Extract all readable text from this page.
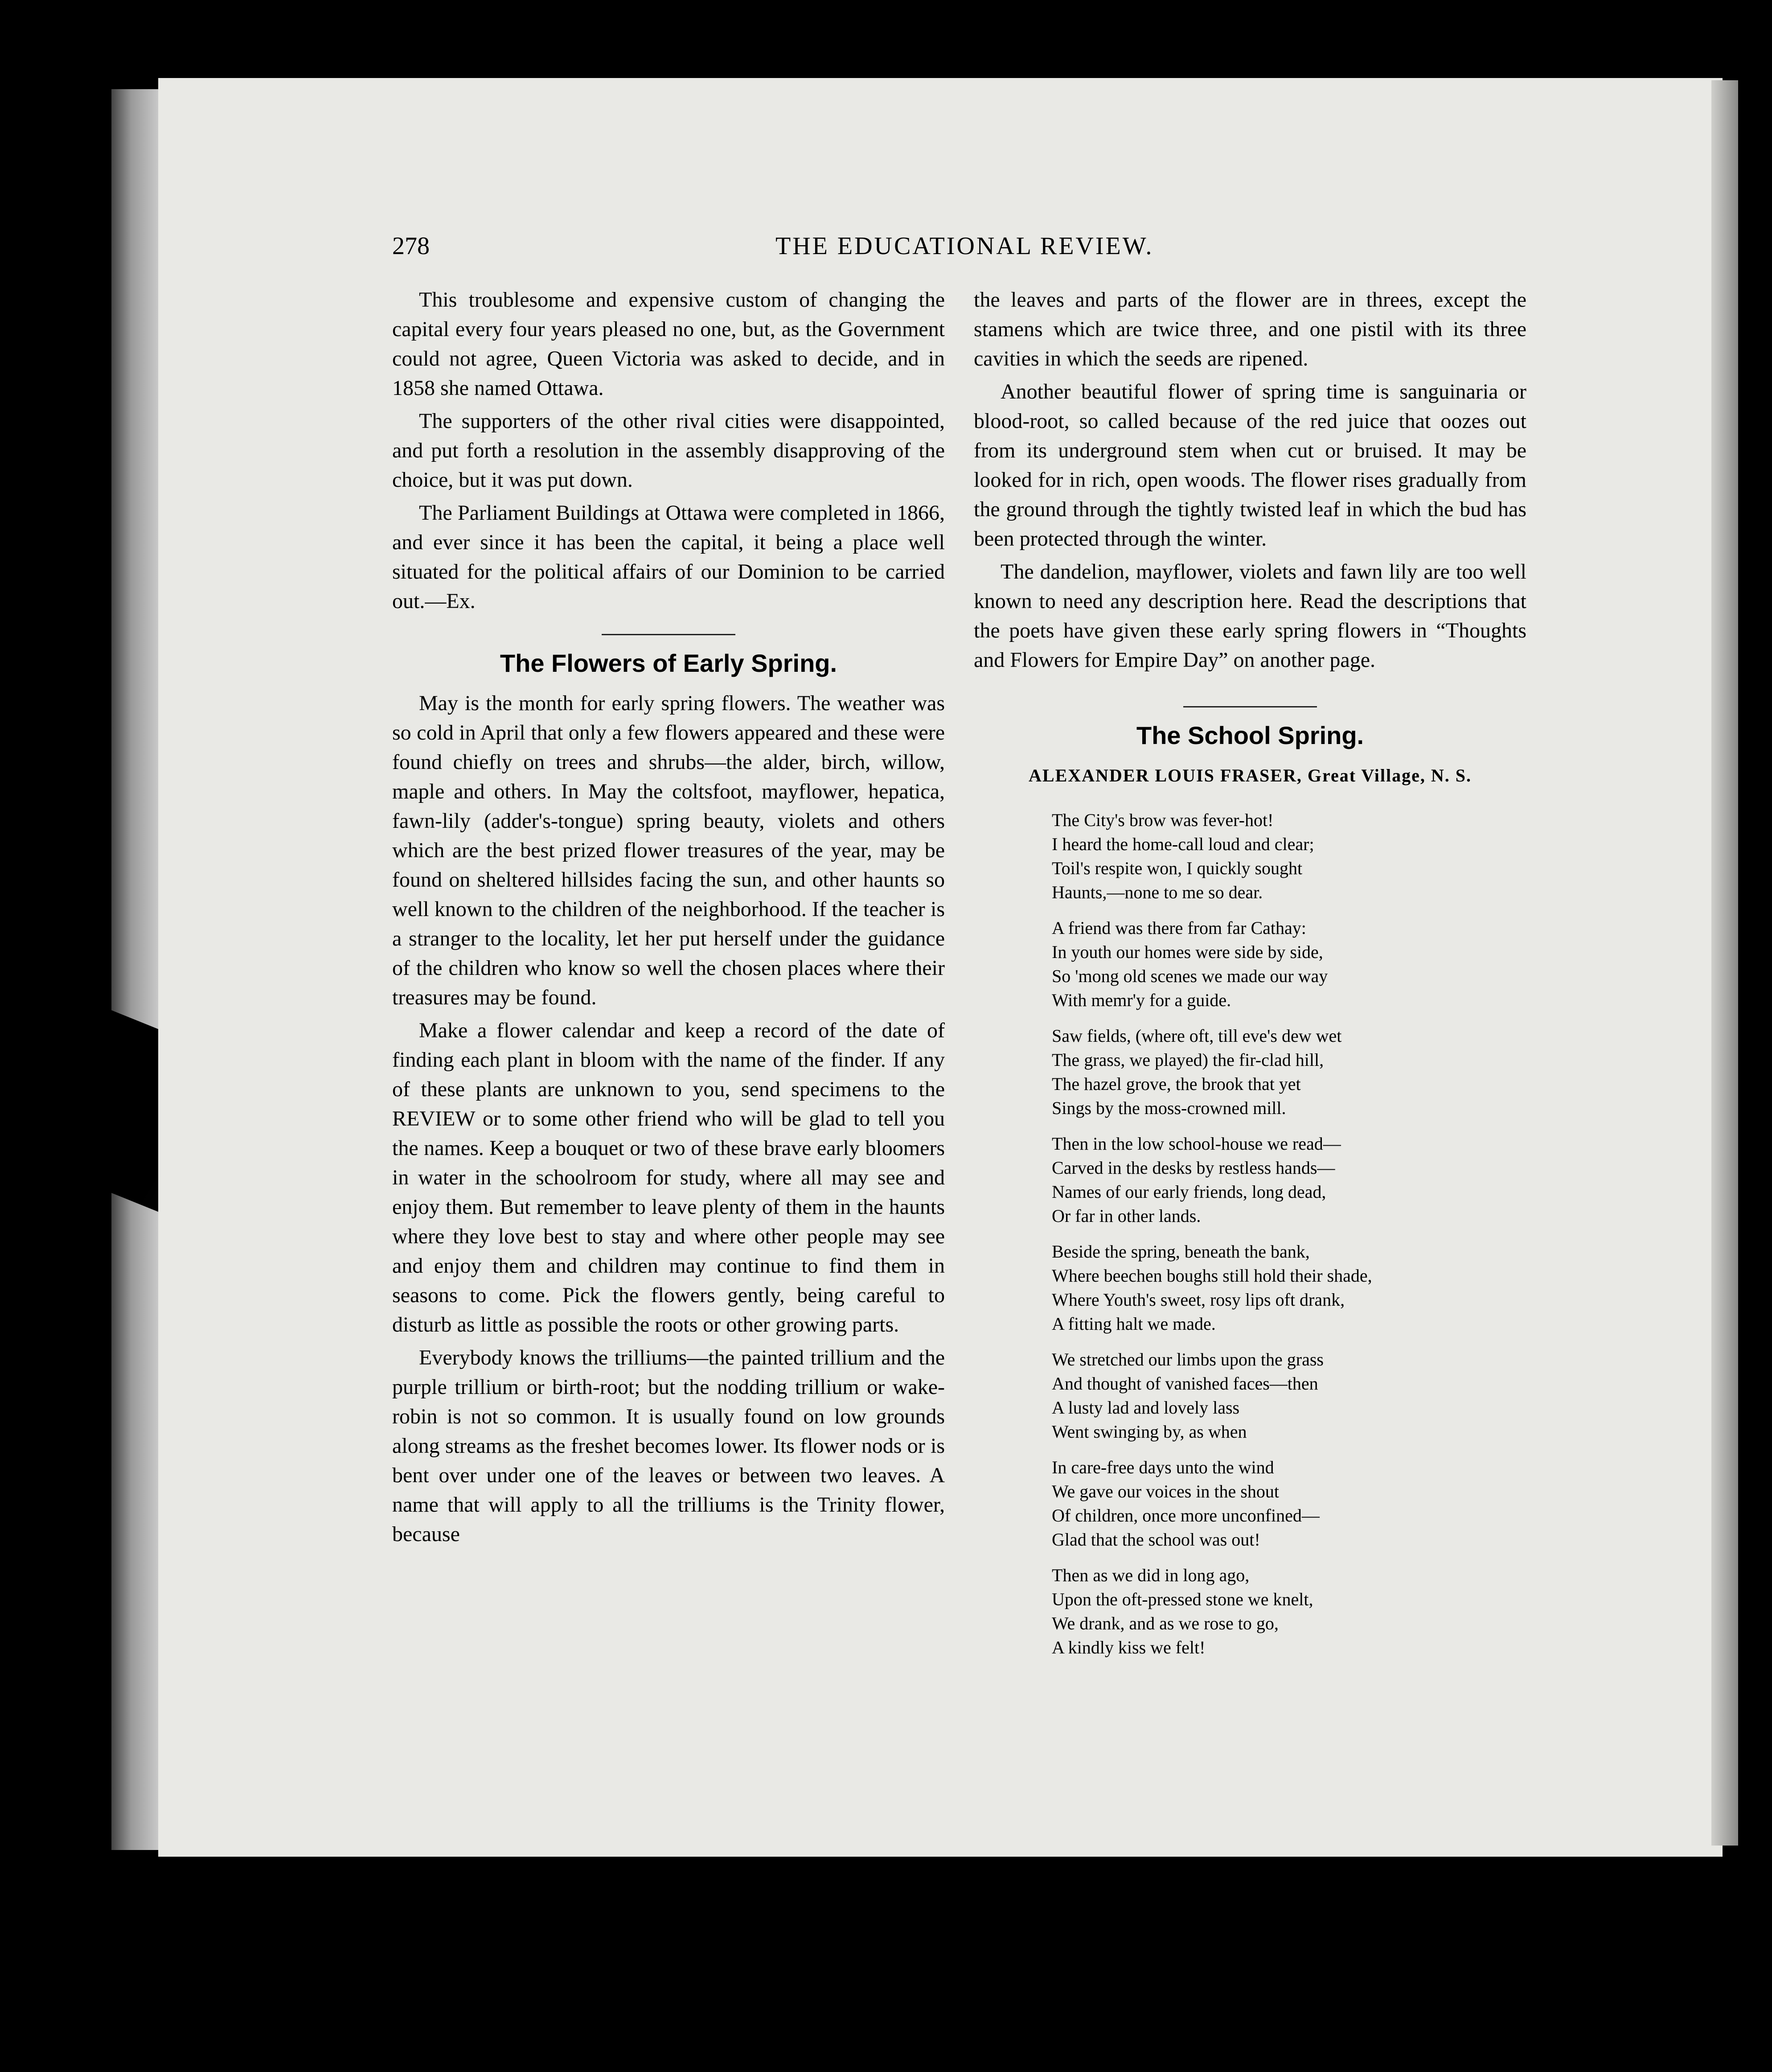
278	THE EDUCATIONAL REVIEW.

This troublesome and expensive custom of changing the capital every four years pleased no one, but, as the Government could not agree, Queen Victoria was asked to decide, and in 1858 she named Ottawa.

The supporters of the other rival cities were disappointed, and put forth a resolution in the assembly disapproving of the choice, but it was put down.

The Parliament Buildings at Ottawa were completed in 1866, and ever since it has been the capital, it being a place well situated for the political affairs of our Dominion to be carried out.—Ex.

The Flowers of Early Spring.

May is the month for early spring flowers. The weather was so cold in April that only a few flowers appeared and these were found chiefly on trees and shrubs—the alder, birch, willow, maple and others. In May the coltsfoot, mayflower, hepatica, fawn-lily (adder's-tongue) spring beauty, violets and others which are the best prized flower treasures of the year, may be found on sheltered hillsides facing the sun, and other haunts so well known to the children of the neighborhood. If the teacher is a stranger to the locality, let her put herself under the guidance of the children who know so well the chosen places where their treasures may be found.

Make a flower calendar and keep a record of the date of finding each plant in bloom with the name of the finder. If any of these plants are unknown to you, send specimens to the REVIEW or to some other friend who will be glad to tell you the names. Keep a bouquet or two of these brave early bloomers in water in the schoolroom for study, where all may see and enjoy them. But remember to leave plenty of them in the haunts where they love best to stay and where other people may see and enjoy them and children may continue to find them in seasons to come. Pick the flowers gently, being careful to disturb as little as possible the roots or other growing parts.

Everybody knows the trilliums—the painted trillium and the purple trillium or birth-root; but the nodding trillium or wake-robin is not so common. It is usually found on low grounds along streams as the freshet becomes lower. Its flower nods or is bent over under one of the leaves or between two leaves. A name that will apply to all the trilliums is the Trinity flower, because

the leaves and parts of the flower are in threes, except the stamens which are twice three, and one pistil with its three cavities in which the seeds are ripened.

Another beautiful flower of spring time is sanguinaria or blood-root, so called because of the red juice that oozes out from its underground stem when cut or bruised. It may be looked for in rich, open woods. The flower rises gradually from the ground through the tightly twisted leaf in which the bud has been protected through the winter.

The dandelion, mayflower, violets and fawn lily are too well known to need any description here. Read the descriptions that the poets have given these early spring flowers in “Thoughts and Flowers for Empire Day” on another page.

The School Spring.
ALEXANDER LOUIS FRASER, Great Village, N. S.
The City's brow was fever-hot!
I heard the home-call loud and clear;
Toil's respite won, I quickly sought
Haunts,—none to me so dear.
A friend was there from far Cathay:
In youth our homes were side by side,
So 'mong old scenes we made our way
With memr'y for a guide.
Saw fields, (where oft, till eve's dew wet
The grass, we played) the fir-clad hill,
The hazel grove, the brook that yet
Sings by the moss-crowned mill.
Then in the low school-house we read—
Carved in the desks by restless hands—
Names of our early friends, long dead,
Or far in other lands.
Beside the spring, beneath the bank,
Where beechen boughs still hold their shade,
Where Youth's sweet, rosy lips oft drank,
A fitting halt we made.
We stretched our limbs upon the grass
And thought of vanished faces—then
A lusty lad and lovely lass
Went swinging by, as when
In care-free days unto the wind
We gave our voices in the shout
Of children, once more unconfined—
Glad that the school was out!
Then as we did in long ago,
Upon the oft-pressed stone we knelt,
We drank, and as we rose to go,
A kindly kiss we felt!
